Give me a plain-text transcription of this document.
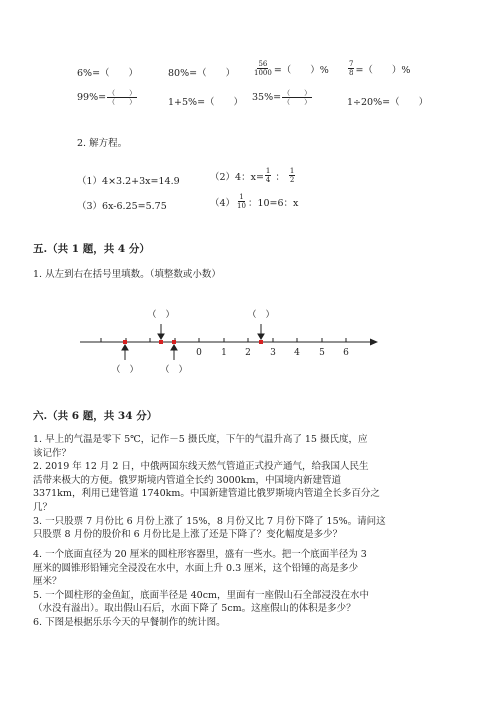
6%=（　　）	80%=（　　）	$\frac{56}{1000}$ =（　　）%	$\frac{7}{8}$ =（　　）%
$99\%= \frac{( )}{( )}$	1+5%=（　　） $35\%= \frac{( )}{( )}$	1÷20%=（　　）
2. 解方程。
（1）4×3.2+3x=14.9	（2）4：$x= \frac{1}{4}$ ： $\frac{1}{2}$
（3）6x-6.25=5.75	$(4) \frac{1}{10}$ ：10=6：x
五.（共 1 题，共 4 分）
1. 从左到右在括号里填数。（填整数或小数）
0 1 2 3 4 5 6
（　）	（　）
（　） （　）
六.（共 6 题，共 34 分）
1. 早上的气温是零下 5℃，记作－5 摄氏度，下午的气温升高了 15 摄氏度，应
该记作？
2. 2019 年 12 月 2 日，中俄两国东线天然气管道正式投产通气，给我国人民生
活带来极大的方便。俄罗斯境内管道全长约 3000km，中国境内新建管道
3371km，利用已建管道 1740km。中国新建管道比俄罗斯境内管道全长多百分之
几？
3. 一只股票 7 月份比 6 月份上涨了 15%，8 月份又比 7 月份下降了 15%。请问这
只股票 8 月份的股价和 6 月份比是上涨了还是下降了？变化幅度是多少？
4. 一个底面直径为 20 厘米的圆柱形容器里，盛有一些水。把一个底面半径为 3
厘米的圆锥形铅锤完全浸没在水中，水面上升 0.3 厘米，这个铅锤的高是多少
厘米？
5. 一个圆柱形的金鱼缸，底面半径是 40cm，里面有一座假山石全部浸没在水中
（水没有溢出）。取出假山石后，水面下降了 5cm。这座假山的体积是多少？
6. 下图是根据乐乐今天的早餐制作的统计图。
